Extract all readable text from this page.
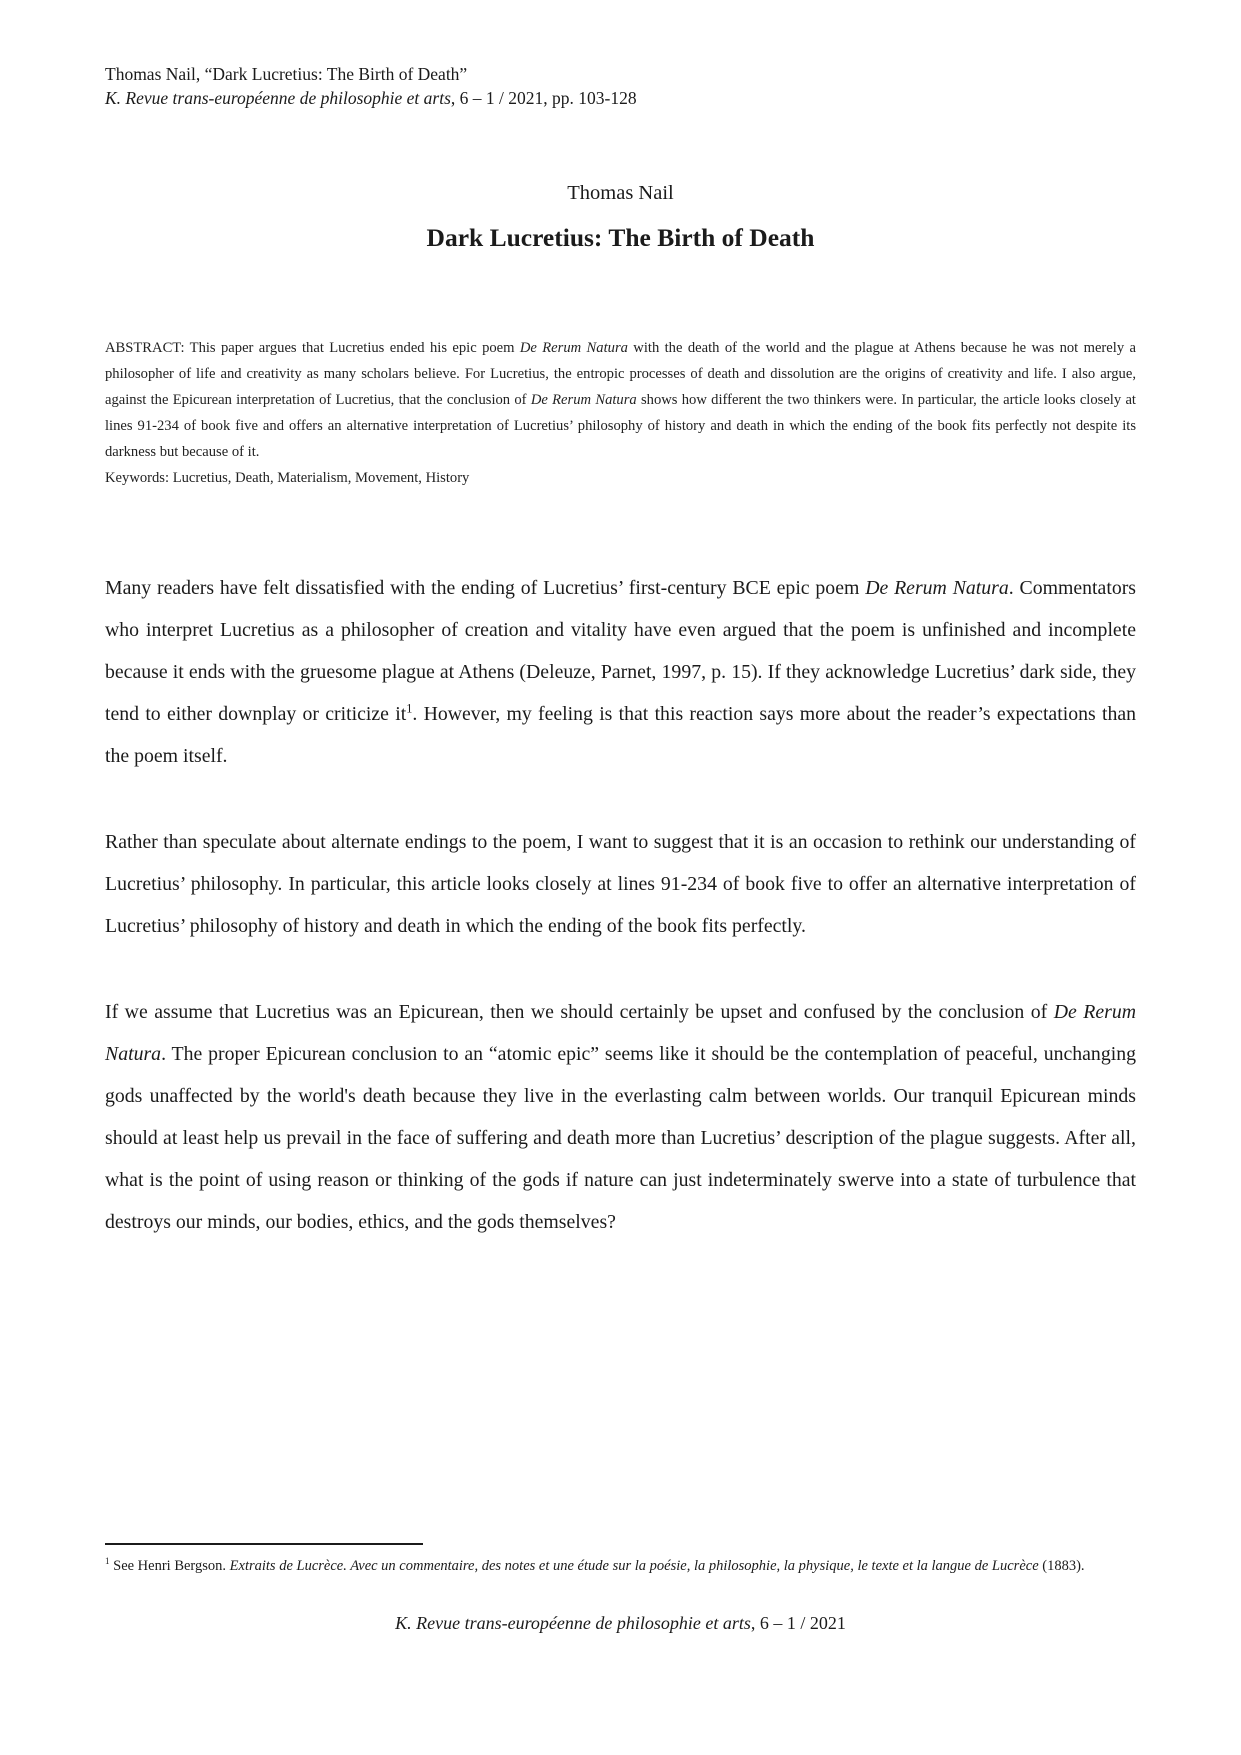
Thomas Nail, “Dark Lucretius: The Birth of Death”
K. Revue trans-européenne de philosophie et arts, 6 – 1 / 2021, pp. 103-128
Thomas Nail
Dark Lucretius: The Birth of Death
ABSTRACT: This paper argues that Lucretius ended his epic poem De Rerum Natura with the death of the world and the plague at Athens because he was not merely a philosopher of life and creativity as many scholars believe. For Lucretius, the entropic processes of death and dissolution are the origins of creativity and life. I also argue, against the Epicurean interpretation of Lucretius, that the conclusion of De Rerum Natura shows how different the two thinkers were. In particular, the article looks closely at lines 91-234 of book five and offers an alternative interpretation of Lucretius’ philosophy of history and death in which the ending of the book fits perfectly not despite its darkness but because of it.
Keywords: Lucretius, Death, Materialism, Movement, History

Many readers have felt dissatisfied with the ending of Lucretius’ first-century BCE epic poem De Rerum Natura. Commentators who interpret Lucretius as a philosopher of creation and vitality have even argued that the poem is unfinished and incomplete because it ends with the gruesome plague at Athens (Deleuze, Parnet, 1997, p. 15). If they acknowledge Lucretius’ dark side, they tend to either downplay or criticize $it^1$. However, my feeling is that this reaction says more about the reader’s expectations than the poem itself.

Rather than speculate about alternate endings to the poem, I want to suggest that it is an occasion to rethink our understanding of Lucretius’ philosophy. In particular, this article looks closely at lines 91-234 of book five to offer an alternative interpretation of Lucretius’ philosophy of history and death in which the ending of the book fits perfectly.

If we assume that Lucretius was an Epicurean, then we should certainly be upset and confused by the conclusion of De Rerum Natura. The proper Epicurean conclusion to an “atomic epic” seems like it should be the contemplation of peaceful, unchanging gods unaffected by the world's death because they live in the everlasting calm between worlds. Our tranquil Epicurean minds should at least help us prevail in the face of suffering and death more than Lucretius’ description of the plague suggests. After all, what is the point of using reason or thinking of the gods if nature can just indeterminately swerve into a state of turbulence that destroys our minds, our bodies, ethics, and the gods themselves?

$^1$ See Henri Bergson. Extraits de Lucrèce. Avec un commentaire, des notes et une étude sur la poésie, la philosophie, la physique, le texte et la langue de Lucrèce (1883).
K. Revue trans-européenne de philosophie et arts, 6 – 1 / 2021
